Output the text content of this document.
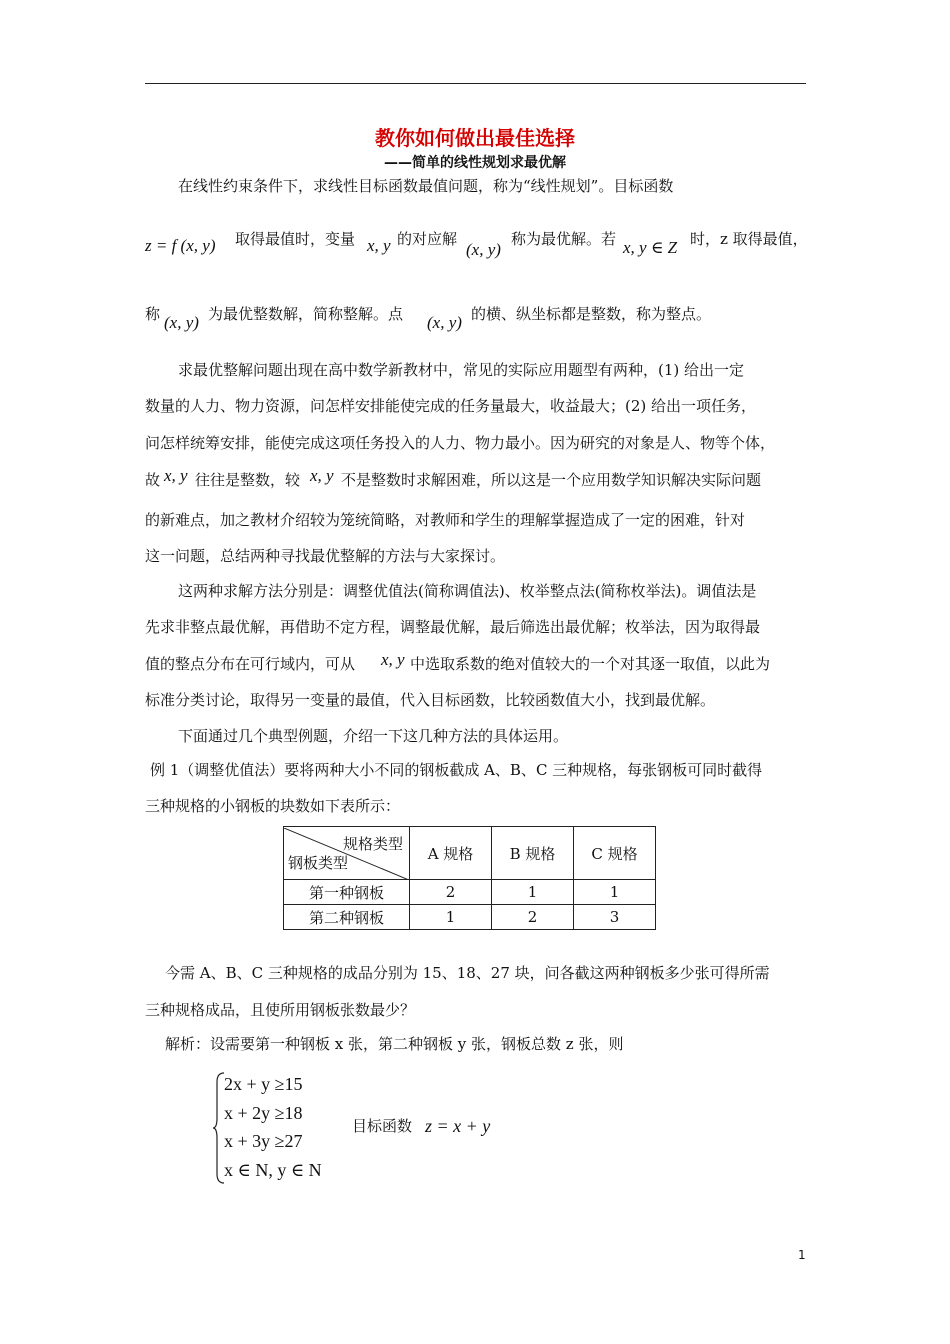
教你如何做出最佳选择
——简单的线性规划求最优解
在线性约束条件下，求线性目标函数最值问题，称为“线性规划”。目标函数
z = f (x, y) 取得最值时，变量 x, y 的对应解
(x, y)
称为最优解。若 x, y ∈ Z 时，z 取得最值，
称 (x, y) 为最优整数解，简称整解。点 (x, y) 的横、纵坐标都是整数，称为整点。
求最优整解问题出现在高中数学新教材中，常见的实际应用题型有两种，(1) 给出一定
数量的人力、物力资源，问怎样安排能使完成的任务量最大，收益最大；(2) 给出一项任务，
问怎样统筹安排，能使完成这项任务投入的人力、物力最小。因为研究的对象是人、物等个体，
故 x, y 往往是整数，较 x, y 不是整数时求解困难，所以这是一个应用数学知识解决实际问题
的新难点，加之教材介绍较为笼统简略，对教师和学生的理解掌握造成了一定的困难，针对
这一问题，总结两种寻找最优整解的方法与大家探讨。
这两种求解方法分别是：调整优值法(简称调值法)、枚举整点法(简称枚举法)。调值法是
先求非整点最优解，再借助不定方程，调整最优解，最后筛选出最优解；枚举法，因为取得最
值的整点分布在可行域内，可从 x, y 中选取系数的绝对值较大的一个对其逐一取值，以此为
标准分类讨论，取得另一变量的最值，代入目标函数，比较函数值大小，找到最优解。
下面通过几个典型例题，介绍一下这几种方法的具体运用。
例 1（调整优值法）要将两种大小不同的钢板截成 A、B、C 三种规格，每张钢板可同时截得
三种规格的小钢板的块数如下表所示：
规格类型
钢板类型	A 规格	B 规格	C 规格
第一种钢板	2	1	1
第二种钢板	1	2	3
今需 A、B、C 三种规格的成品分别为 15、18、27 块，问各截这两种钢板多少张可得所需
三种规格成品，且使所用钢板张数最少？
解析：设需要第一种钢板 x 张，第二种钢板 y 张，钢板总数 z 张，则
2x + y ≥15
x + 2y ≥18
x + 3y ≥27
x ∈ N, y ∈ N
目标函数 z = x + y
1
